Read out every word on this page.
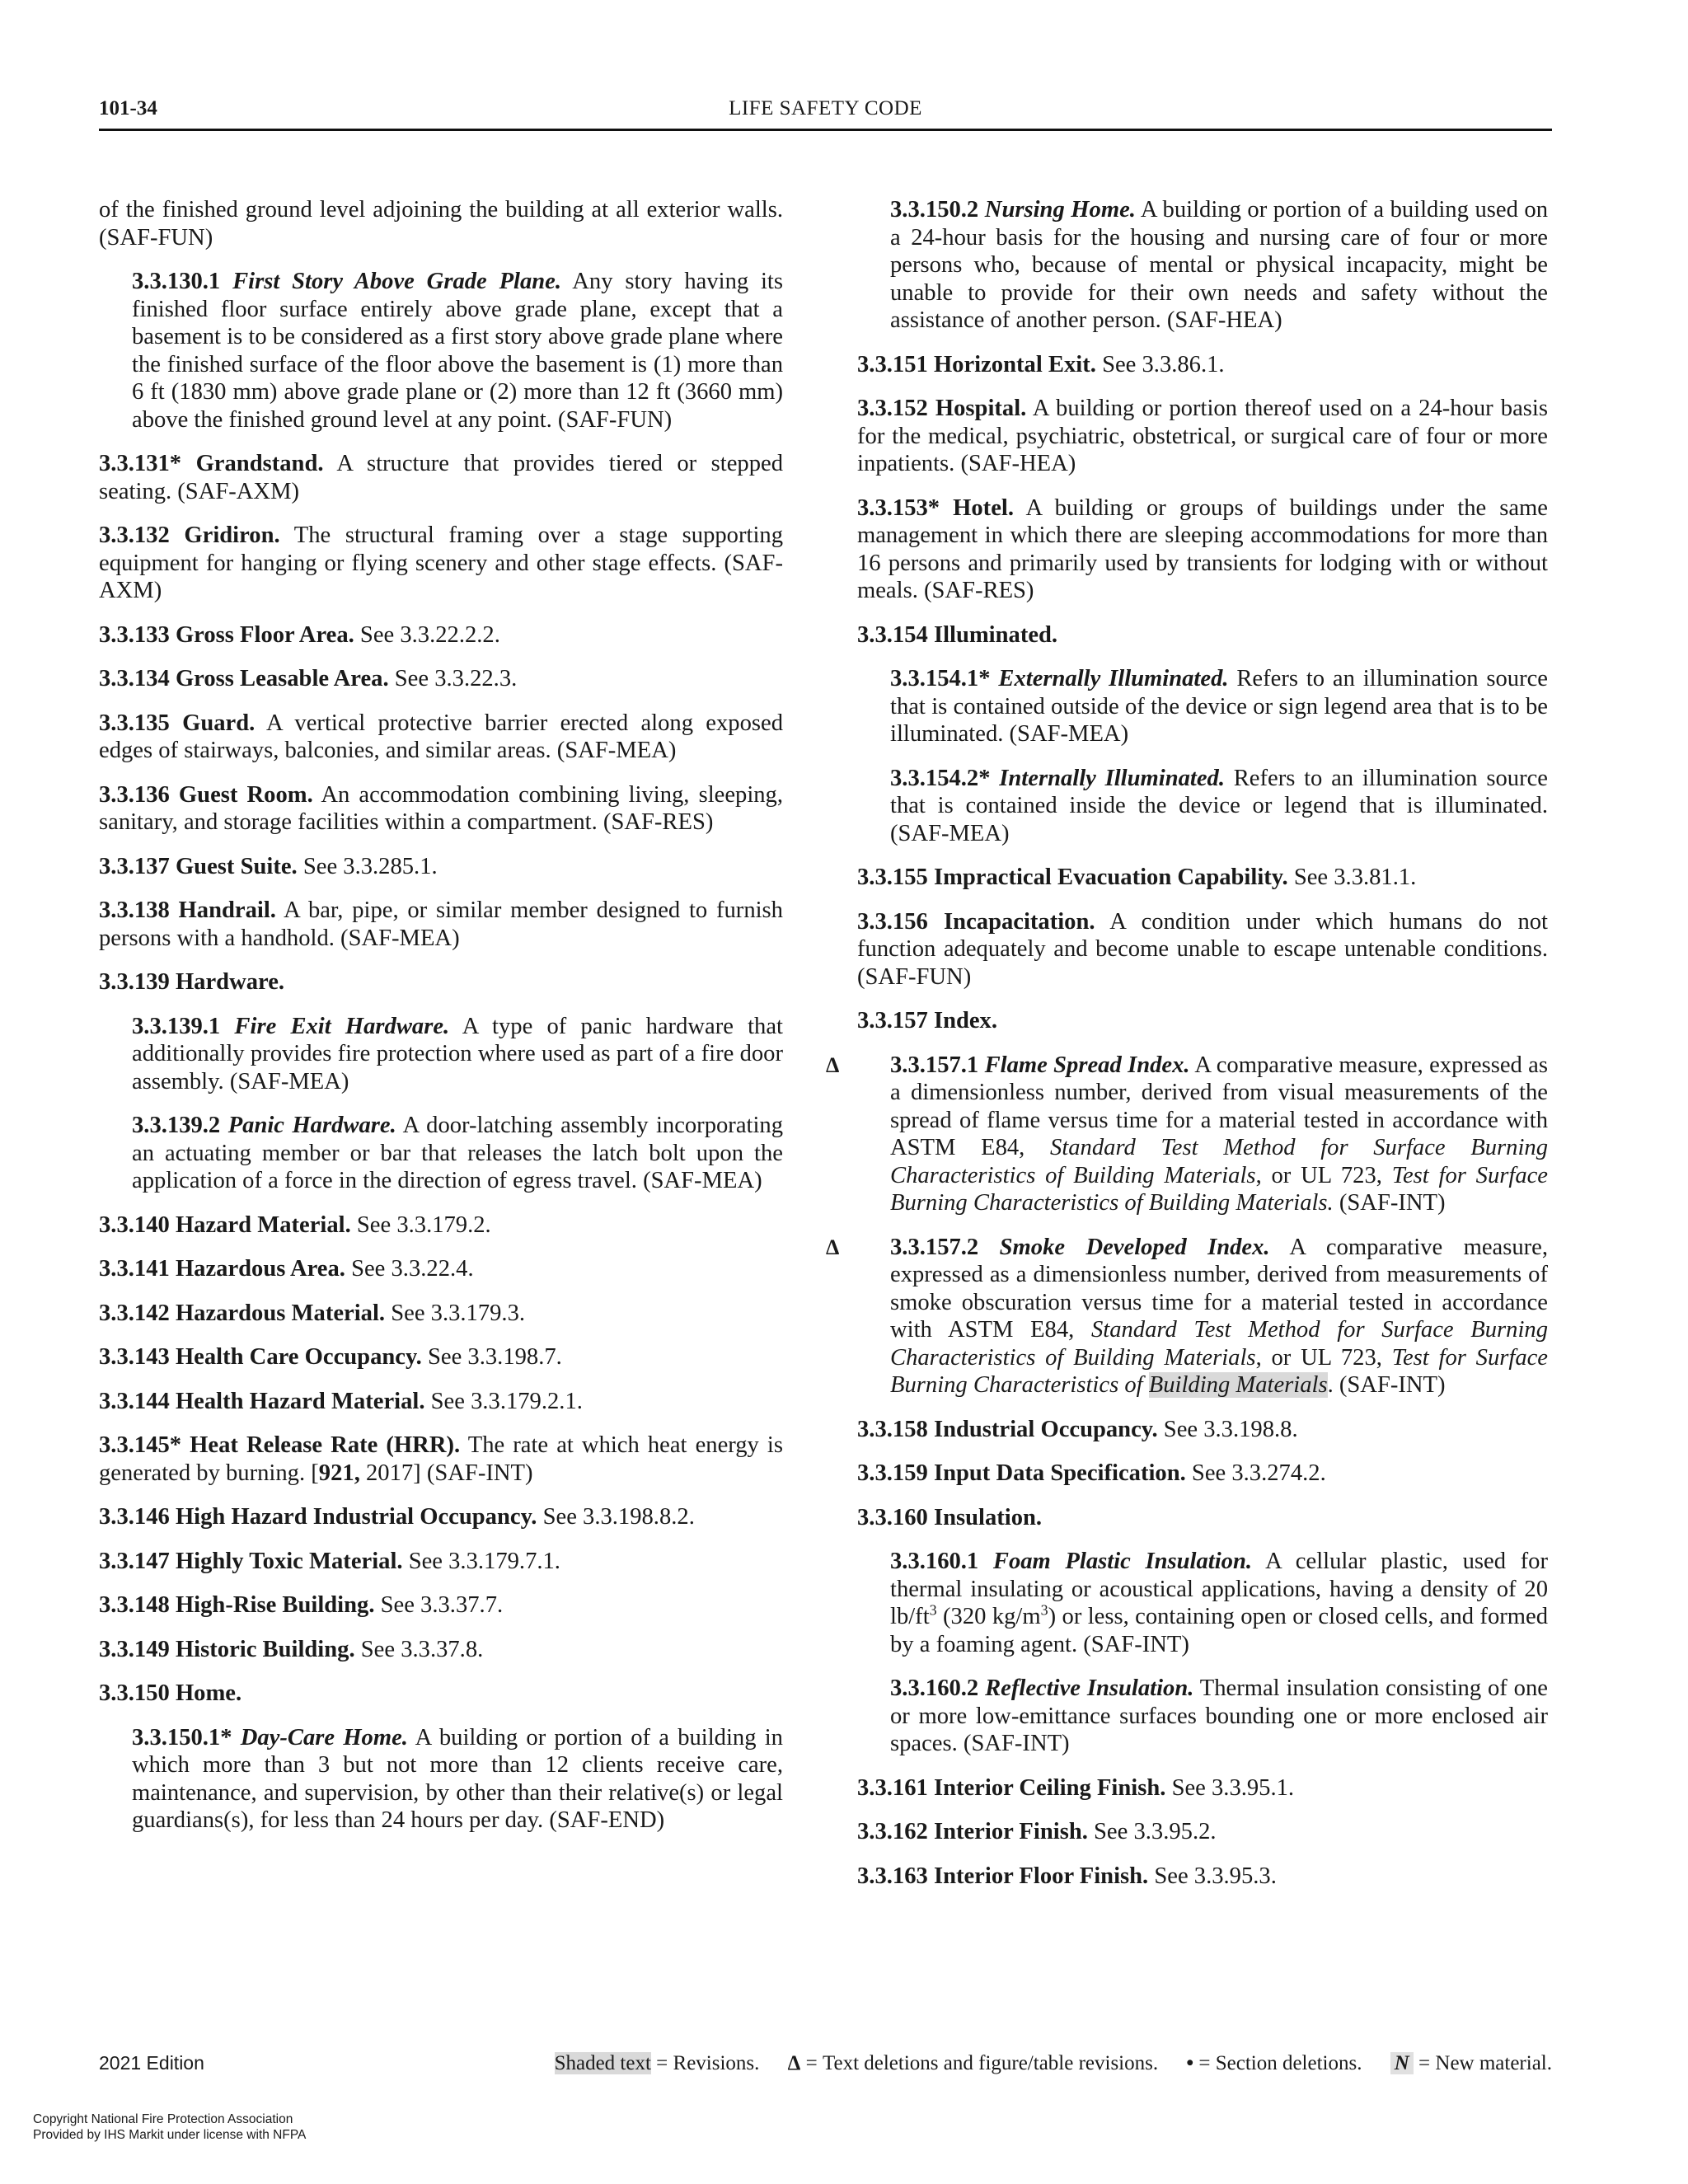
101-34	LIFE SAFETY CODE

of the finished ground level adjoining the building at all exterior walls. (SAF-FUN)

3.3.130.1 First Story Above Grade Plane. Any story having its finished floor surface entirely above grade plane, except that a basement is to be considered as a first story above grade plane where the finished surface of the floor above the basement is (1) more than 6 ft (1830 mm) above grade plane or (2) more than 12 ft (3660 mm) above the finished ground level at any point. (SAF-FUN)

3.3.131* Grandstand. A structure that provides tiered or stepped seating. (SAF-AXM)

3.3.132 Gridiron. The structural framing over a stage supporting equipment for hanging or flying scenery and other stage effects. (SAF-AXM)

3.3.133 Gross Floor Area. See 3.3.22.2.2.

3.3.134 Gross Leasable Area. See 3.3.22.3.

3.3.135 Guard. A vertical protective barrier erected along exposed edges of stairways, balconies, and similar areas. (SAF-MEA)

3.3.136 Guest Room. An accommodation combining living, sleeping, sanitary, and storage facilities within a compartment. (SAF-RES)

3.3.137 Guest Suite. See 3.3.285.1.

3.3.138 Handrail. A bar, pipe, or similar member designed to furnish persons with a handhold. (SAF-MEA)

3.3.139 Hardware.

3.3.139.1 Fire Exit Hardware. A type of panic hardware that additionally provides fire protection where used as part of a fire door assembly. (SAF-MEA)

3.3.139.2 Panic Hardware. A door-latching assembly incorporating an actuating member or bar that releases the latch bolt upon the application of a force in the direction of egress travel. (SAF-MEA)

3.3.140 Hazard Material. See 3.3.179.2.

3.3.141 Hazardous Area. See 3.3.22.4.

3.3.142 Hazardous Material. See 3.3.179.3.

3.3.143 Health Care Occupancy. See 3.3.198.7.

3.3.144 Health Hazard Material. See 3.3.179.2.1.

3.3.145* Heat Release Rate (HRR). The rate at which heat energy is generated by burning. [921, 2017] (SAF-INT)

3.3.146 High Hazard Industrial Occupancy. See 3.3.198.8.2.

3.3.147 Highly Toxic Material. See 3.3.179.7.1.

3.3.148 High-Rise Building. See 3.3.37.7.

3.3.149 Historic Building. See 3.3.37.8.

3.3.150 Home.

3.3.150.1* Day-Care Home. A building or portion of a building in which more than 3 but not more than 12 clients receive care, maintenance, and supervision, by other than their relative(s) or legal guardians(s), for less than 24 hours per day. (SAF-END)

3.3.150.2 Nursing Home. A building or portion of a building used on a 24-hour basis for the housing and nursing care of four or more persons who, because of mental or physical incapacity, might be unable to provide for their own needs and safety without the assistance of another person. (SAF-HEA)

3.3.151 Horizontal Exit. See 3.3.86.1.

3.3.152 Hospital. A building or portion thereof used on a 24-hour basis for the medical, psychiatric, obstetrical, or surgical care of four or more inpatients. (SAF-HEA)

3.3.153* Hotel. A building or groups of buildings under the same management in which there are sleeping accommodations for more than 16 persons and primarily used by transients for lodging with or without meals. (SAF-RES)

3.3.154 Illuminated.

3.3.154.1* Externally Illuminated. Refers to an illumination source that is contained outside of the device or sign legend area that is to be illuminated. (SAF-MEA)

3.3.154.2* Internally Illuminated. Refers to an illumination source that is contained inside the device or legend that is illuminated. (SAF-MEA)

3.3.155 Impractical Evacuation Capability. See 3.3.81.1.

3.3.156 Incapacitation. A condition under which humans do not function adequately and become unable to escape untenable conditions. (SAF-FUN)

3.3.157 Index.

Δ 3.3.157.1 Flame Spread Index. A comparative measure, expressed as a dimensionless number, derived from visual measurements of the spread of flame versus time for a material tested in accordance with ASTM E84, Standard Test Method for Surface Burning Characteristics of Building Materials, or UL 723, Test for Surface Burning Characteristics of Building Materials. (SAF-INT)

Δ 3.3.157.2 Smoke Developed Index. A comparative measure, expressed as a dimensionless number, derived from measurements of smoke obscuration versus time for a material tested in accordance with ASTM E84, Standard Test Method for Surface Burning Characteristics of Building Materials, or UL 723, Test for Surface Burning Characteristics of Building Materials. (SAF-INT)

3.3.158 Industrial Occupancy. See 3.3.198.8.

3.3.159 Input Data Specification. See 3.3.274.2.

3.3.160 Insulation.

3.3.160.1 Foam Plastic Insulation. A cellular plastic, used for thermal insulating or acoustical applications, having a density of 20 $lb/ft^3$ (320 $kg/m^3$) or less, containing open or closed cells, and formed by a foaming agent. (SAF-INT)

3.3.160.2 Reflective Insulation. Thermal insulation consisting of one or more low-emittance surfaces bounding one or more enclosed air spaces. (SAF-INT)

3.3.161 Interior Ceiling Finish. See 3.3.95.1.

3.3.162 Interior Finish. See 3.3.95.2.

3.3.163 Interior Floor Finish. See 3.3.95.3.

2021 Edition	Shaded text = Revisions. Δ = Text deletions and figure/table revisions. • = Section deletions. N = New material.
Copyright National Fire Protection Association
Provided by IHS Markit under license with NFPA
